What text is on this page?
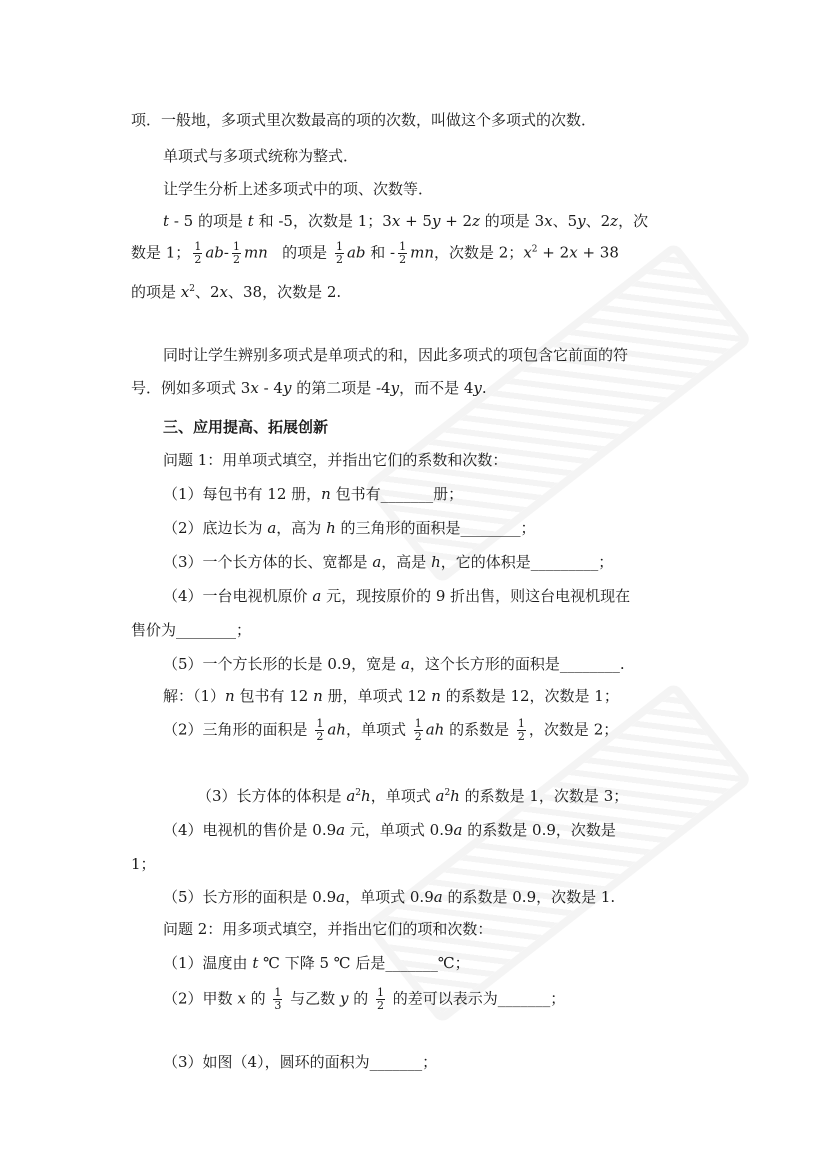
项．一般地，多项式里次数最高的项的次数，叫做这个多项式的次数．
单项式与多项式统称为整式．
让学生分析上述多项式中的项、次数等．
t - 5 的项是 t 和 -5，次数是 1；3x + 5y + 2z 的项是 3x、5y、2z，次
数是 1； $\frac{1}{2} ab- \frac{1}{2}$ mn 的项是 $\frac{1}{2}$ ab 和 - $\frac{1}{2}$ mn，次数是 2；$x^2 + 2x + 38$
的项是 $x^2$、2x、38，次数是 2.
同时让学生辨别多项式是单项式的和，因此多项式的项包含它前面的符
号．例如多项式 3x - 4y 的第二项是 -4y，而不是 4y.
三、应用提高、拓展创新
问题 1：用单项式填空，并指出它们的系数和次数：
（1）每包书有 12 册，n 包书有_______册；
（2）底边长为 a，高为 h 的三角形的面积是________；
（3）一个长方体的长、宽都是 a，高是 h，它的体积是_________；
（4）一台电视机原价 a 元，现按原价的 9 折出售，则这台电视机现在
售价为________；
（5）一个方长形的长是 0.9，宽是 a，这个长方形的面积是________.
解：（1）n 包书有 12 n 册，单项式 12 n 的系数是 12，次数是 1；
（2）三角形的面积是 $\frac{1}{2}$ ah，单项式 $\frac{1}{2}$ ah 的系数是 $\frac{1}{2}$ ，次数是 2；
（3）长方体的体积是 $a^2h$，单项式 $a^2h$ 的系数是 1，次数是 3；
（4）电视机的售价是 0.9a 元，单项式 0.9a 的系数是 0.9，次数是
1；
（5）长方形的面积是 0.9a，单项式 0.9a 的系数是 0.9，次数是 1.
问题 2：用多项式填空，并指出它们的项和次数：
（1）温度由 t ℃ 下降 5 ℃ 后是_______℃；
（2）甲数 x 的 $\frac{1}{3}$ 与乙数 y 的 $\frac{1}{2}$ 的差可以表示为_______；
（3）如图（4），圆环的面积为_______；
